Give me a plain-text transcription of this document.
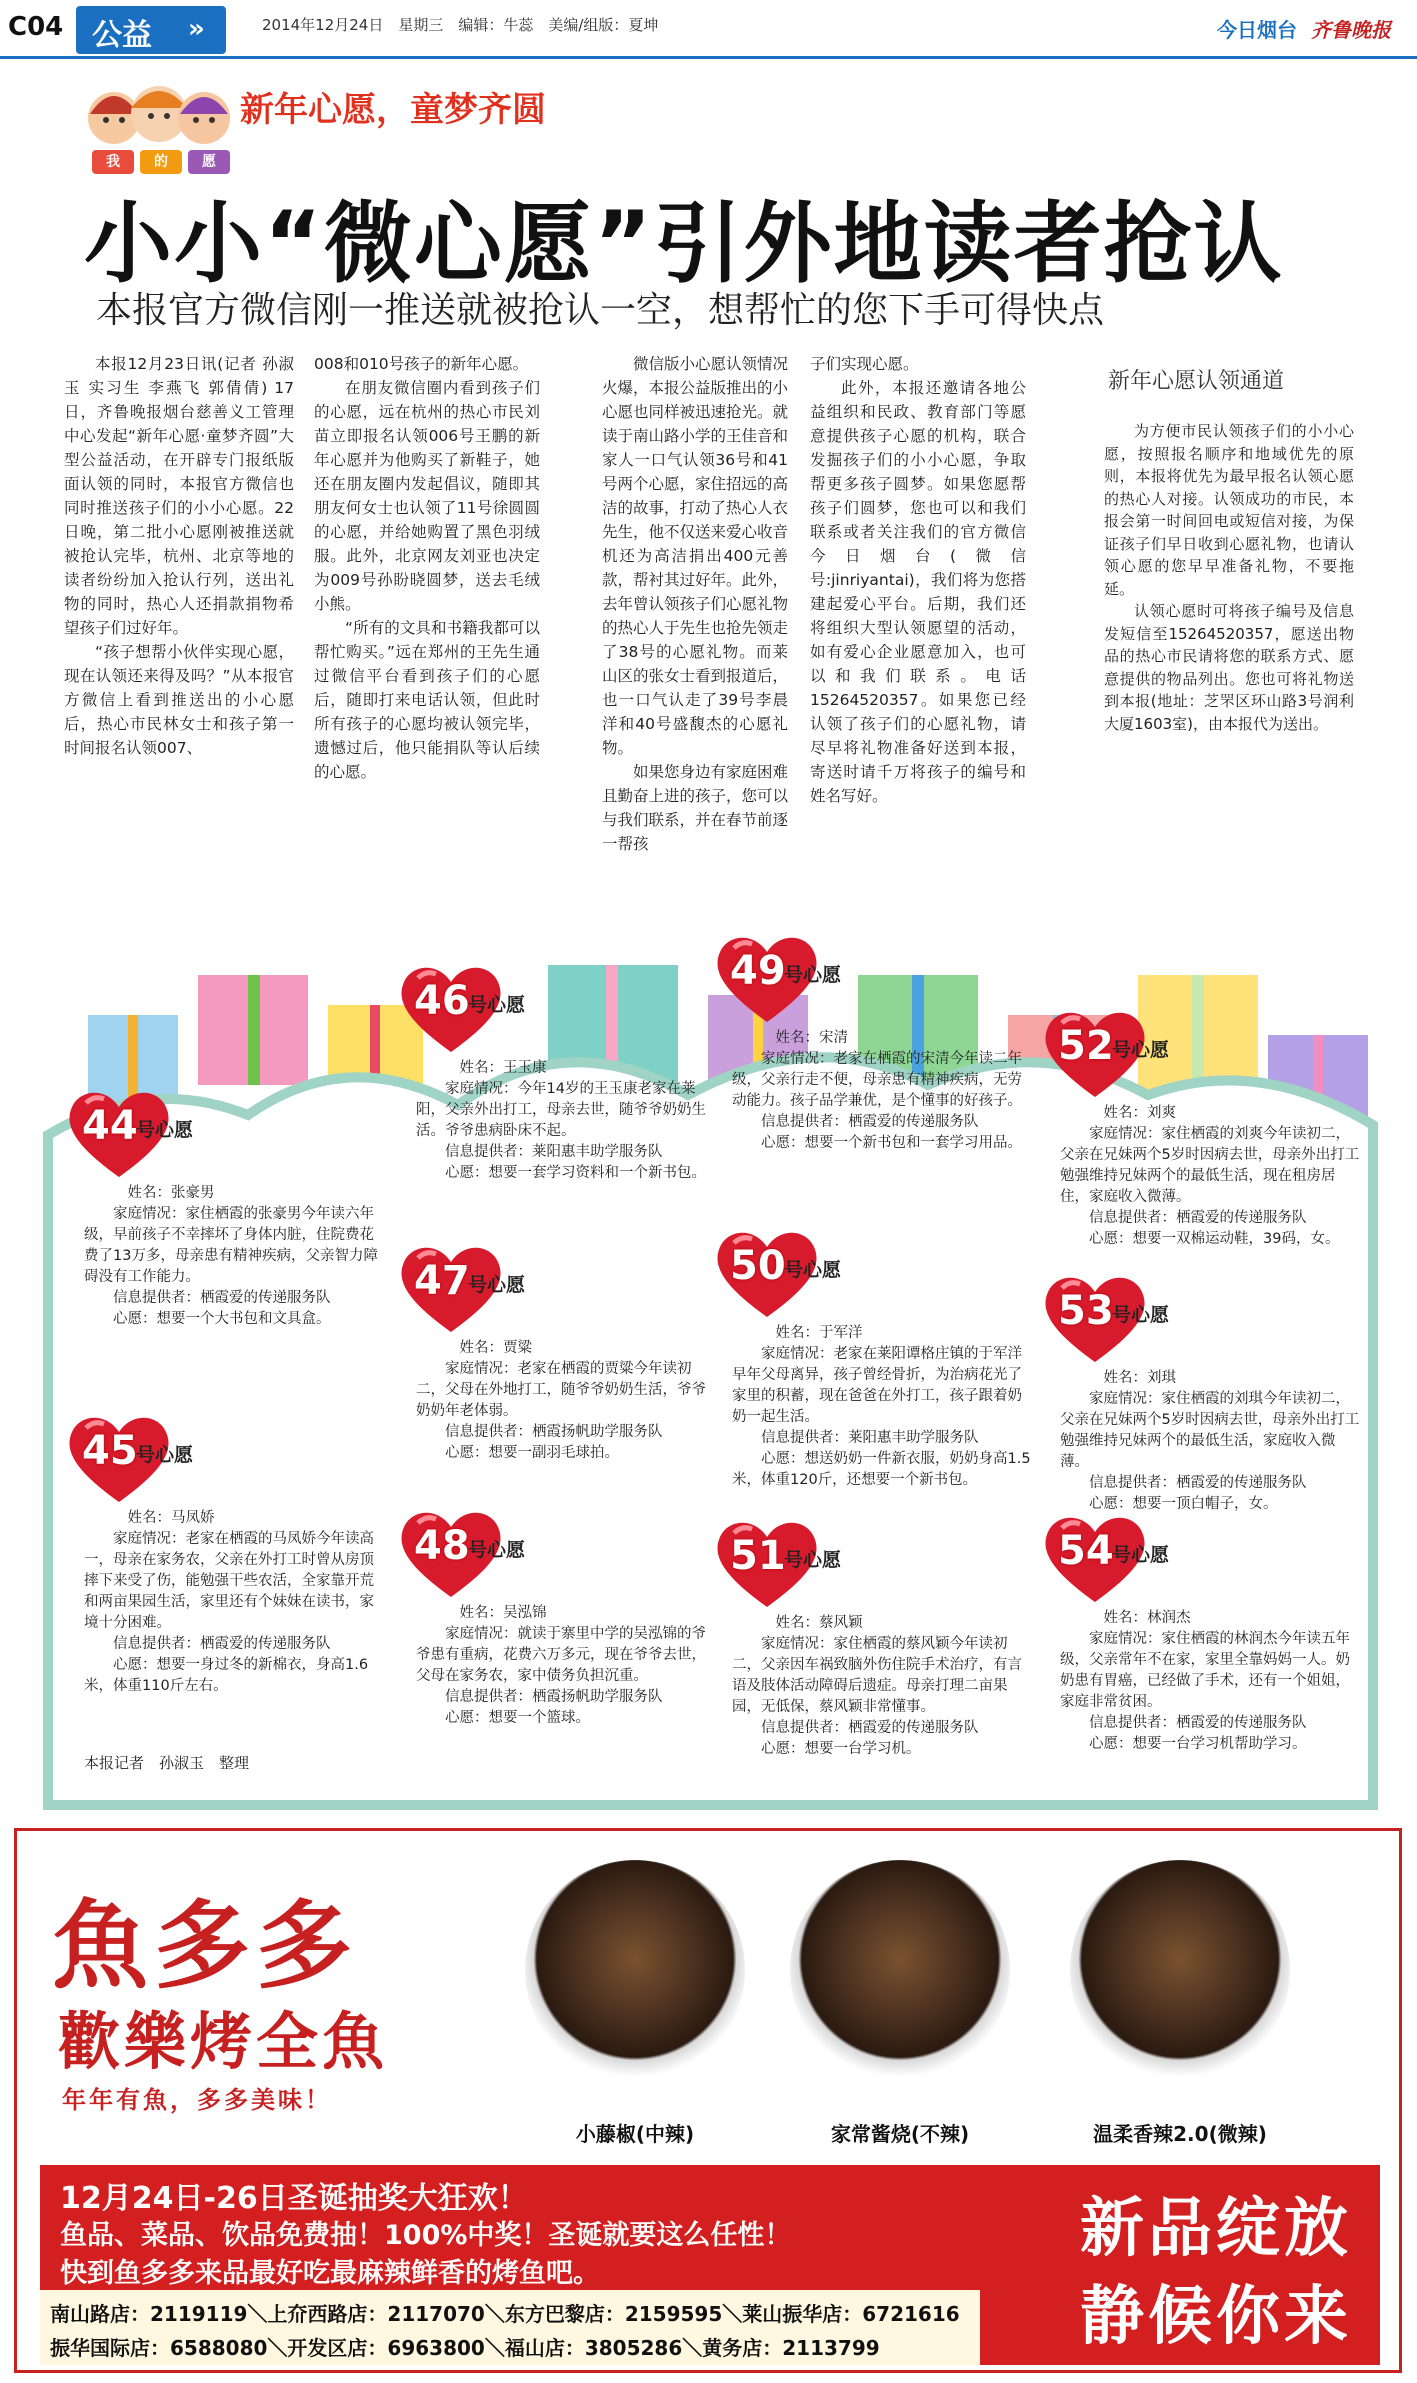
C04 公益 »	2014年12月24日　星期三　编辑：牛蕊　美编/组版：夏坤	今日烟台 齐鲁晚报
我 的 愿
新年心愿，童梦齐圆
小小“微心愿”引外地读者抢认
本报官方微信刚一推送就被抢认一空，想帮忙的您下手可得快点

本报12月23日讯(记者 孙淑玉 实习生 李燕飞 郭倩倩) 17日，齐鲁晚报烟台慈善义工管理中心发起“新年心愿·童梦齐圆”大型公益活动，在开辟专门报纸版面认领的同时，本报官方微信也同时推送孩子们的小小心愿。22日晚，第二批小心愿刚被推送就被抢认完毕，杭州、北京等地的读者纷纷加入抢认行列，送出礼物的同时，热心人还捐款捐物希望孩子们过好年。

“孩子想帮小伙伴实现心愿，现在认领还来得及吗？”从本报官方微信上看到推送出的小心愿后，热心市民林女士和孩子第一时间报名认领007、

008和010号孩子的新年心愿。

在朋友微信圈内看到孩子们的心愿，远在杭州的热心市民刘苗立即报名认领006号王鹏的新年心愿并为他购买了新鞋子，她还在朋友圈内发起倡议，随即其朋友何女士也认领了11号徐圆圆的心愿，并给她购置了黑色羽绒服。此外，北京网友刘亚也决定为009号孙盼晓圆梦，送去毛绒小熊。

“所有的文具和书籍我都可以帮忙购买。”远在郑州的王先生通过微信平台看到孩子们的心愿后，随即打来电话认领，但此时所有孩子的心愿均被认领完毕，遗憾过后，他只能捐队等认后续的心愿。

微信版小心愿认领情况火爆，本报公益版推出的小心愿也同样被迅速抢光。就读于南山路小学的王佳音和家人一口气认领36号和41号两个心愿，家住招远的高洁的故事，打动了热心人衣先生，他不仅送来爱心收音机还为高洁捐出400元善款，帮衬其过好年。此外，去年曾认领孩子们心愿礼物的热心人于先生也抢先领走了38号的心愿礼物。而莱山区的张女士看到报道后，也一口气认走了39号李晨洋和40号盛馥杰的心愿礼物。

如果您身边有家庭困难且勤奋上进的孩子，您可以与我们联系，并在春节前逐一帮孩

子们实现心愿。

此外，本报还邀请各地公益组织和民政、教育部门等愿意提供孩子心愿的机构，联合发掘孩子们的小小心愿，争取帮更多孩子圆梦。如果您愿帮孩子们圆梦，您也可以和我们联系或者关注我们的官方微信今日烟台(微信号:jinriyantai)，我们将为您搭建起爱心平台。后期，我们还将组织大型认领愿望的活动，如有爱心企业愿意加入，也可以和我们联系。电话15264520357。如果您已经认领了孩子们的心愿礼物，请尽早将礼物准备好送到本报，寄送时请千万将孩子的编号和姓名写好。

新年心愿认领通道

为方便市民认领孩子们的小小心愿，按照报名顺序和地域优先的原则，本报将优先为最早报名认领心愿的热心人对接。认领成功的市民，本报会第一时间回电或短信对接，为保证孩子们早日收到心愿礼物，也请认领心愿的您早早准备礼物，不要拖延。

认领心愿时可将孩子编号及信息发短信至15264520357，愿送出物品的热心市民请将您的联系方式、愿意提供的物品列出。您也可将礼物送到本报(地址：芝罘区环山路3号润利大厦1603室)，由本报代为送出。

44
号心愿

姓名：张豪男

家庭情况：家住栖霞的张豪男今年读六年级，早前孩子不幸摔坏了身体内脏，住院费花费了13万多，母亲患有精神疾病，父亲智力障碍没有工作能力。

信息提供者：栖霞爱的传递服务队

心愿：想要一个大书包和文具盒。

45
号心愿

姓名：马凤娇

家庭情况：老家在栖霞的马凤娇今年读高一，母亲在家务农，父亲在外打工时曾从房顶摔下来受了伤，能勉强干些农活，全家靠开荒和两亩果园生活，家里还有个妹妹在读书，家境十分困难。

信息提供者：栖霞爱的传递服务队

心愿：想要一身过冬的新棉衣，身高1.6米，体重110斤左右。

46
号心愿

姓名：王玉康

家庭情况：今年14岁的王玉康老家在莱阳，父亲外出打工，母亲去世，随爷爷奶奶生活。爷爷患病卧床不起。

信息提供者：莱阳惠丰助学服务队

心愿：想要一套学习资料和一个新书包。

47
号心愿

姓名：贾粱

家庭情况：老家在栖霞的贾粱今年读初二，父母在外地打工，随爷爷奶奶生活，爷爷奶奶年老体弱。

信息提供者：栖霞扬帆助学服务队

心愿：想要一副羽毛球拍。

48
号心愿

姓名：吴泓锦

家庭情况：就读于寨里中学的吴泓锦的爷爷患有重病，花费六万多元，现在爷爷去世，父母在家务农，家中债务负担沉重。

信息提供者：栖霞扬帆助学服务队

心愿：想要一个篮球。

49
号心愿

姓名：宋清

家庭情况：老家在栖霞的宋清今年读二年级，父亲行走不便，母亲患有精神疾病，无劳动能力。孩子品学兼优，是个懂事的好孩子。

信息提供者：栖霞爱的传递服务队

心愿：想要一个新书包和一套学习用品。

50
号心愿

姓名：于军洋

家庭情况：老家在莱阳谭格庄镇的于军洋早年父母离异，孩子曾经骨折，为治病花光了家里的积蓄，现在爸爸在外打工，孩子跟着奶奶一起生活。

信息提供者：莱阳惠丰助学服务队

心愿：想送奶奶一件新衣服，奶奶身高1.5米，体重120斤，还想要一个新书包。

51
号心愿

姓名：蔡风颖

家庭情况：家住栖霞的蔡风颖今年读初二，父亲因车祸致脑外伤住院手术治疗，有言语及肢体活动障碍后遗症。母亲打理二亩果园，无低保，蔡风颖非常懂事。

信息提供者：栖霞爱的传递服务队

心愿：想要一台学习机。

52
号心愿

姓名：刘爽

家庭情况：家住栖霞的刘爽今年读初二，父亲在兄妹两个5岁时因病去世，母亲外出打工勉强维持兄妹两个的最低生活，现在租房居住，家庭收入微薄。

信息提供者：栖霞爱的传递服务队

心愿：想要一双棉运动鞋，39码，女。

53
号心愿

姓名：刘琪

家庭情况：家住栖霞的刘琪今年读初二，父亲在兄妹两个5岁时因病去世，母亲外出打工勉强维持兄妹两个的最低生活，家庭收入微薄。

信息提供者：栖霞爱的传递服务队

心愿：想要一顶白帽子，女。

54
号心愿

姓名：林润杰

家庭情况：家住栖霞的林润杰今年读五年级，父亲常年不在家，家里全靠妈妈一人。奶奶患有胃癌，已经做了手术，还有一个姐姐，家庭非常贫困。

信息提供者：栖霞爱的传递服务队

心愿：想要一台学习机帮助学习。

本报记者　孙淑玉　整理
魚多多
歡樂烤全魚
年年有魚，多多美味！
小藤椒(中辣)	家常酱烧(不辣)	温柔香辣2.0(微辣)
12月24日-26日圣诞抽奖大狂欢！
鱼品、菜品、饮品免费抽！100%中奖！圣诞就要这么任性！
快到鱼多多来品最好吃最麻辣鲜香的烤鱼吧。
新品绽放
静候你来
南山路店：2119119＼上夼西路店：2117070＼东方巴黎店：2159595＼莱山振华店：6721616
振华国际店：6588080＼开发区店：6963800＼福山店：3805286＼黄务店：2113799
